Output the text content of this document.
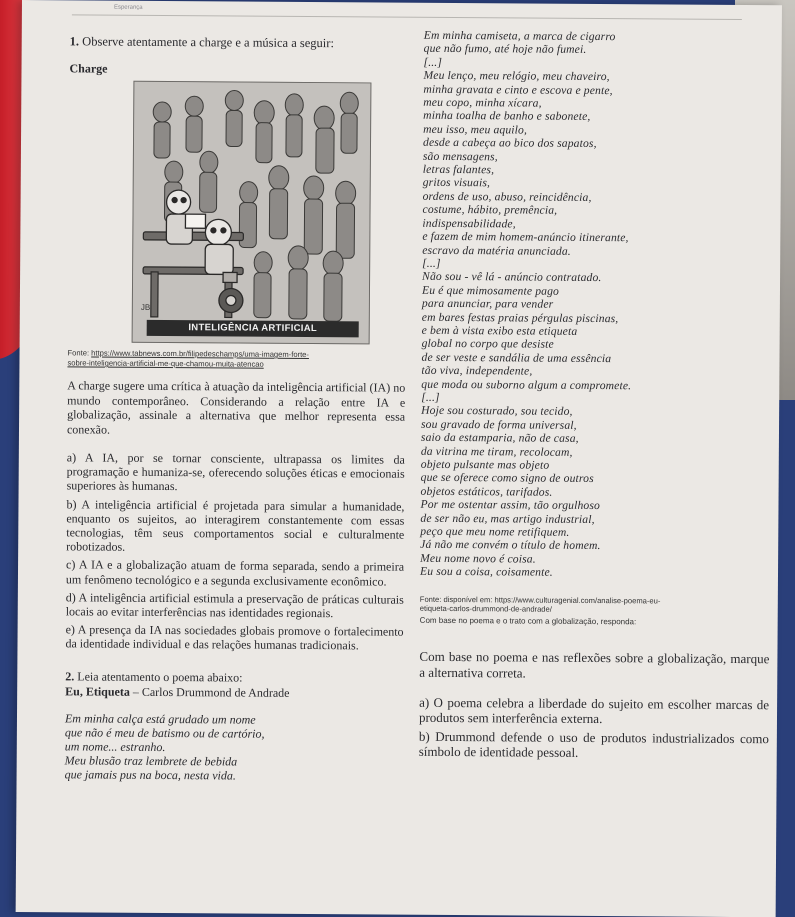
Esperança

1. Observe atentamente a charge e a música a seguir:

Charge

JB
INTELIGÊNCIA ARTIFICIAL
Fonte: https://www.tabnews.com.br/filipedeschamps/uma-imagem-forte-
sobre-inteligencia-artificial-me-que-chamou-muita-atencao

A charge sugere uma crítica à atuação da inteligência artificial (IA) no mundo contemporâneo. Considerando a relação entre IA e globalização, assinale a alternativa que melhor representa essa conexão.

a) A IA, por se tornar consciente, ultrapassa os limites da programação e humaniza-se, oferecendo soluções éticas e emocionais superiores às humanas.

b) A inteligência artificial é projetada para simular a humanidade, enquanto os sujeitos, ao interagirem constantemente com essas tecnologias, têm seus comportamentos social e culturalmente robotizados.

c) A IA e a globalização atuam de forma separada, sendo a primeira um fenômeno tecnológico e a segunda exclusivamente econômico.

d) A inteligência artificial estimula a preservação de práticas culturais locais ao evitar interferências nas identidades regionais.

e) A presença da IA nas sociedades globais promove o fortalecimento da identidade individual e das relações humanas tradicionais.

2. Leia atentamento o poema abaixo:

Eu, Etiqueta – Carlos Drummond de Andrade

Em minha calça está grudado um nome
que não é meu de batismo ou de cartório,
um nome... estranho.
Meu blusão traz lembrete de bebida
que jamais pus na boca, nesta vida.
Em minha camiseta, a marca de cigarro
que não fumo, até hoje não fumei.
[...]
Meu lenço, meu relógio, meu chaveiro,
minha gravata e cinto e escova e pente,
meu copo, minha xícara,
minha toalha de banho e sabonete,
meu isso, meu aquilo,
desde a cabeça ao bico dos sapatos,
são mensagens,
letras falantes,
gritos visuais,
ordens de uso, abuso, reincidência,
costume, hábito, premência,
indispensabilidade,
e fazem de mim homem-anúncio itinerante,
escravo da matéria anunciada.
[...]
Não sou - vê lá - anúncio contratado.
Eu é que mimosamente pago
para anunciar, para vender
em bares festas praias pérgulas piscinas,
e bem à vista exibo esta etiqueta
global no corpo que desiste
de ser veste e sandália de uma essência
tão viva, independente,
que moda ou suborno algum a compromete.
[...]
Hoje sou costurado, sou tecido,
sou gravado de forma universal,
saio da estamparia, não de casa,
da vitrina me tiram, recolocam,
objeto pulsante mas objeto
que se oferece como signo de outros
objetos estáticos, tarifados.
Por me ostentar assim, tão orgulhoso
de ser não eu, mas artigo industrial,
peço que meu nome retifiquem.
Já não me convém o título de homem.
Meu nome novo é coisa.
Eu sou a coisa, coisamente.
Fonte: disponível em: https://www.culturagenial.com/analise-poema-eu-
etiqueta-carlos-drummond-de-andrade/
Com base no poema e o trato com a globalização, responda:

Com base no poema e nas reflexões sobre a globalização, marque a alternativa correta.

a) O poema celebra a liberdade do sujeito em escolher marcas de produtos sem interferência externa.

b) Drummond defende o uso de produtos industrializados como símbolo de identidade pessoal.
